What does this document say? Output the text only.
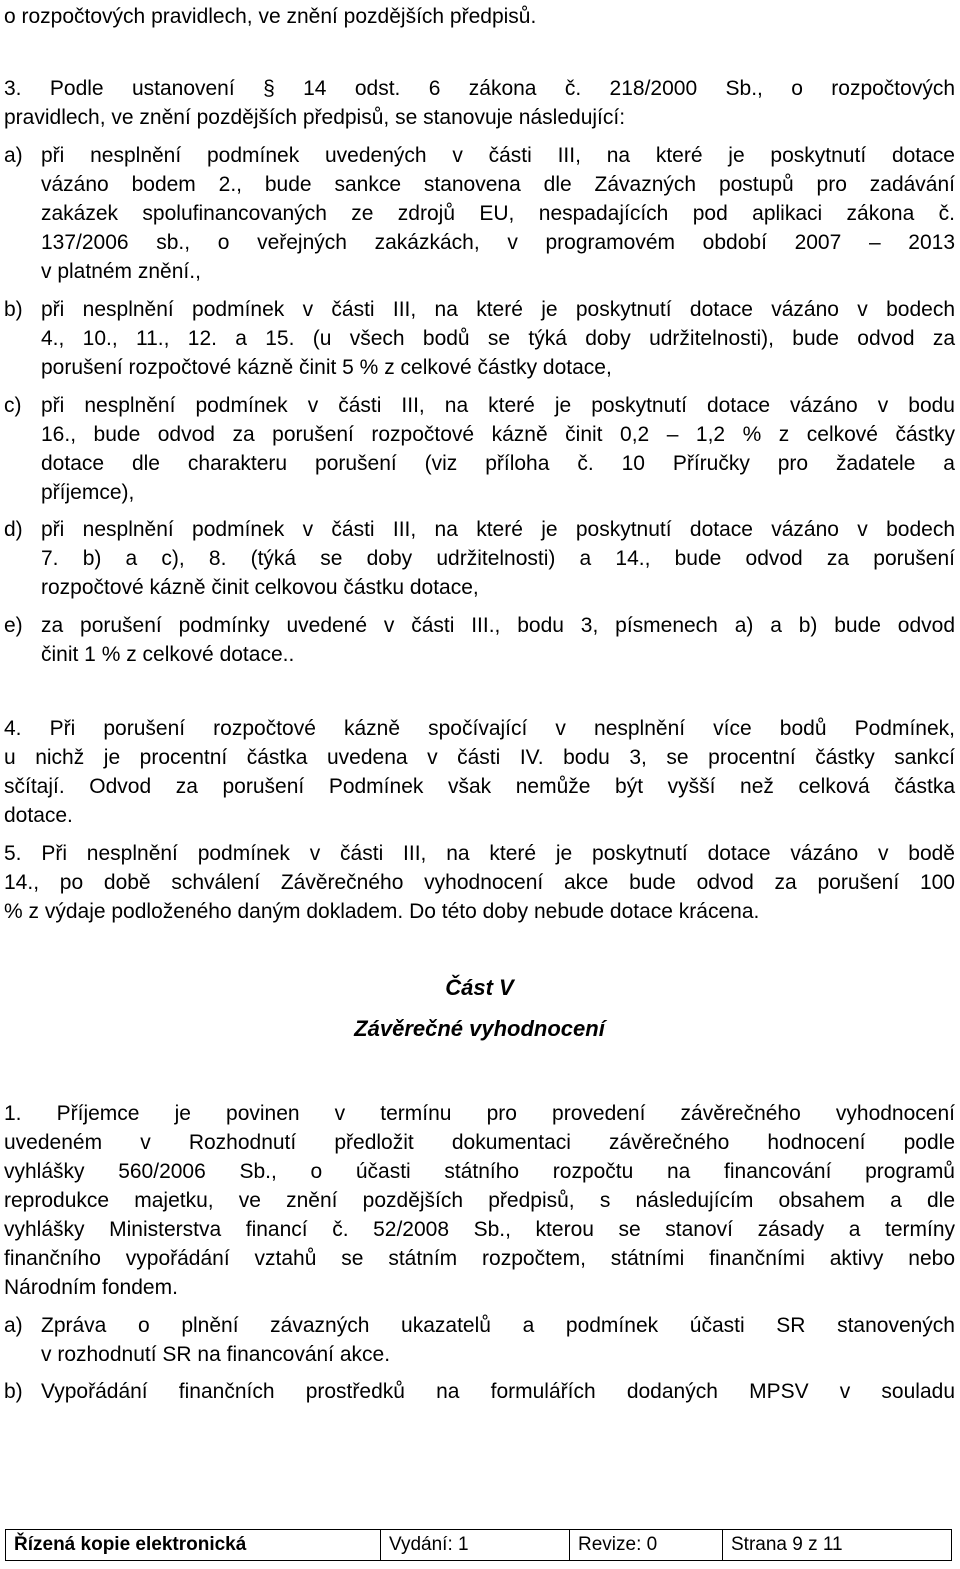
o rozpočtových pravidlech, ve znění pozdějších předpisů.
3. Podle ustanovení § 14 odst. 6 zákona č. 218/2000 Sb., o rozpočtových
pravidlech, ve znění pozdějších předpisů, se stanovuje následující:
a) při nesplnění podmínek uvedených v části III, na které je poskytnutí dotace
vázáno bodem 2., bude sankce stanovena dle Závazných postupů pro zadávání
zakázek spolufinancovaných ze zdrojů EU, nespadajících pod aplikaci zákona č.
137/2006 sb., o veřejných zakázkách, v programovém období 2007 – 2013
v platném znění.,
b) při nesplnění podmínek v části III, na které je poskytnutí dotace vázáno v bodech
4., 10., 11., 12. a 15. (u všech bodů se týká doby udržitelnosti), bude odvod za
porušení rozpočtové kázně činit 5 % z celkové částky dotace,
c) při nesplnění podmínek v části III, na které je poskytnutí dotace vázáno v bodu
16., bude odvod za porušení rozpočtové kázně činit 0,2 – 1,2 % z celkové částky
dotace dle charakteru porušení (viz příloha č. 10 Příručky pro žadatele a
příjemce),
d) při nesplnění podmínek v části III, na které je poskytnutí dotace vázáno v bodech
7. b) a c), 8. (týká se doby udržitelnosti) a 14., bude odvod za porušení
rozpočtové kázně činit celkovou částku dotace,
e) za porušení podmínky uvedené v části III., bodu 3, písmenech a) a b) bude odvod
činit 1 % z celkové dotace..
4. Při porušení rozpočtové kázně spočívající v nesplnění více bodů Podmínek,
u nichž je procentní částka uvedena v části IV. bodu 3, se procentní částky sankcí
sčítají. Odvod za porušení Podmínek však nemůže být vyšší než celková částka
dotace.
5. Při nesplnění podmínek v části III, na které je poskytnutí dotace vázáno v bodě
14., po době schválení Závěrečného vyhodnocení akce bude odvod za porušení 100
% z výdaje podloženého daným dokladem. Do této doby nebude dotace krácena.
Část V
Závěrečné vyhodnocení
1. Příjemce je povinen v termínu pro provedení závěrečného vyhodnocení
uvedeném v Rozhodnutí předložit dokumentaci závěrečného hodnocení podle
vyhlášky 560/2006 Sb., o účasti státního rozpočtu na financování programů
reprodukce majetku, ve znění pozdějších předpisů, s následujícím obsahem a dle
vyhlášky Ministerstva financí č. 52/2008 Sb., kterou se stanoví zásady a termíny
finančního vypořádání vztahů se státním rozpočtem, státními finančními aktivy nebo
Národním fondem.
a) Zpráva o plnění závazných ukazatelů a podmínek účasti SR stanovených
v rozhodnutí SR na financování akce.
b) Vypořádání finančních prostředků na formulářích dodaných MPSV v souladu
Řízená kopie elektronická	Vydání: 1	Revize: 0	Strana 9 z 11
